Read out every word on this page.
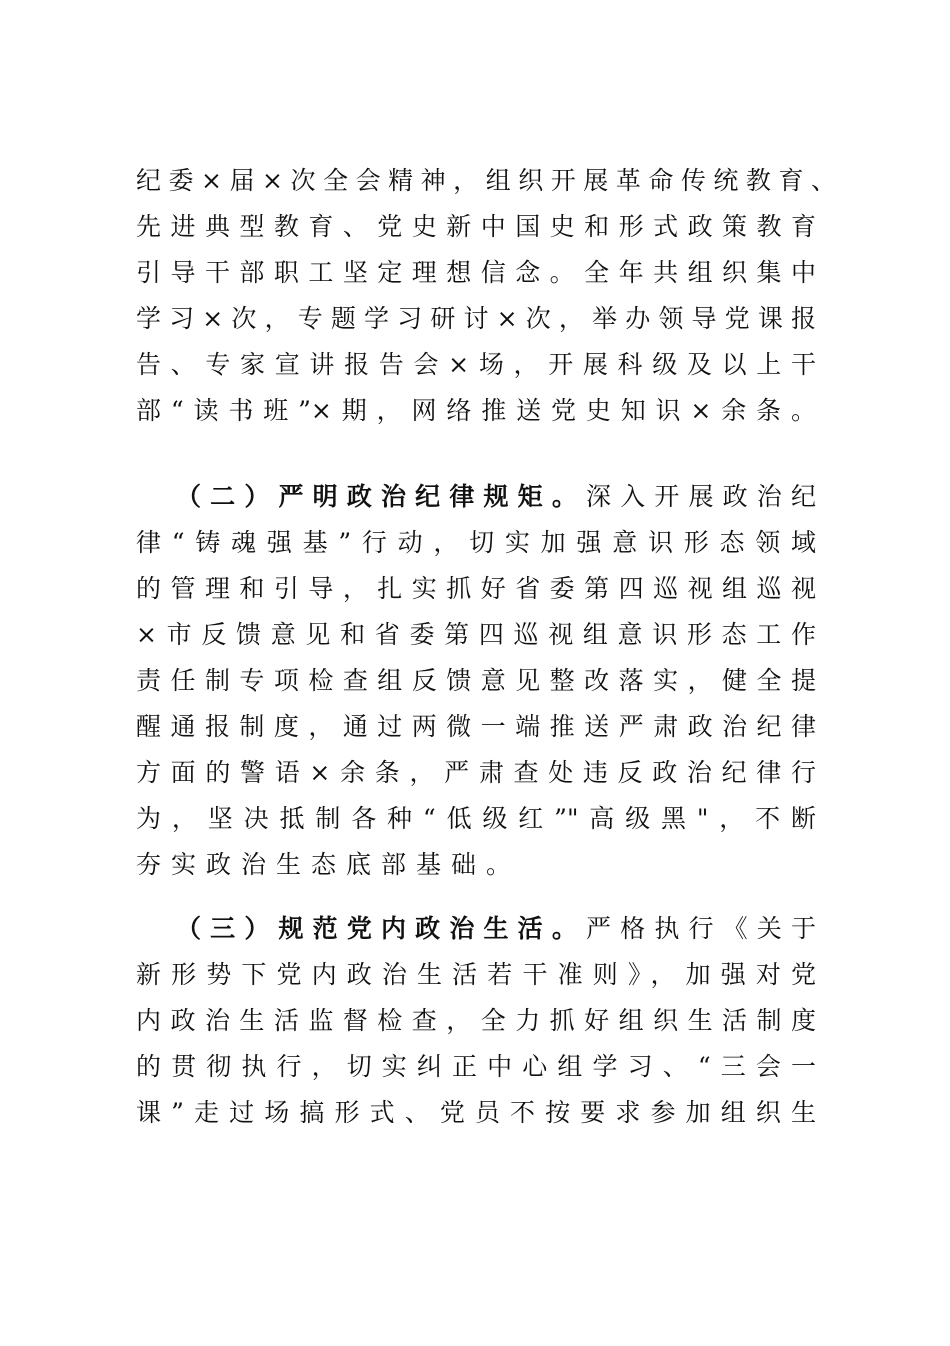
纪委×届×次全会精神，组织开展革命传统教育、
先进典型教育、党史新中国史和形式政策教育
引导干部职工坚定理想信念。全年共组织集中
学习×次，专题学习研讨×次，举办领导党课报
告、专家宣讲报告会×场，开展科级及以上干
部“读书班”×期，网络推送党史知识×余条。
（二）严明政治纪律规矩。深入开展政治纪
律“铸魂强基”行动，切实加强意识形态领域
的管理和引导，扎实抓好省委第四巡视组巡视
×市反馈意见和省委第四巡视组意识形态工作
责任制专项检查组反馈意见整改落实，健全提
醒通报制度，通过两微一端推送严肃政治纪律
方面的警语×余条，严肃查处违反政治纪律行
为，坚决抵制各种“低级红”"高级黑"，不断
夯实政治生态底部基础。
（三）规范党内政治生活。严格执行《关于
新形势下党内政治生活若干准则》，加强对党
内政治生活监督检查，全力抓好组织生活制度
的贯彻执行，切实纠正中心组学习、“三会一
课”走过场搞形式、党员不按要求参加组织生
